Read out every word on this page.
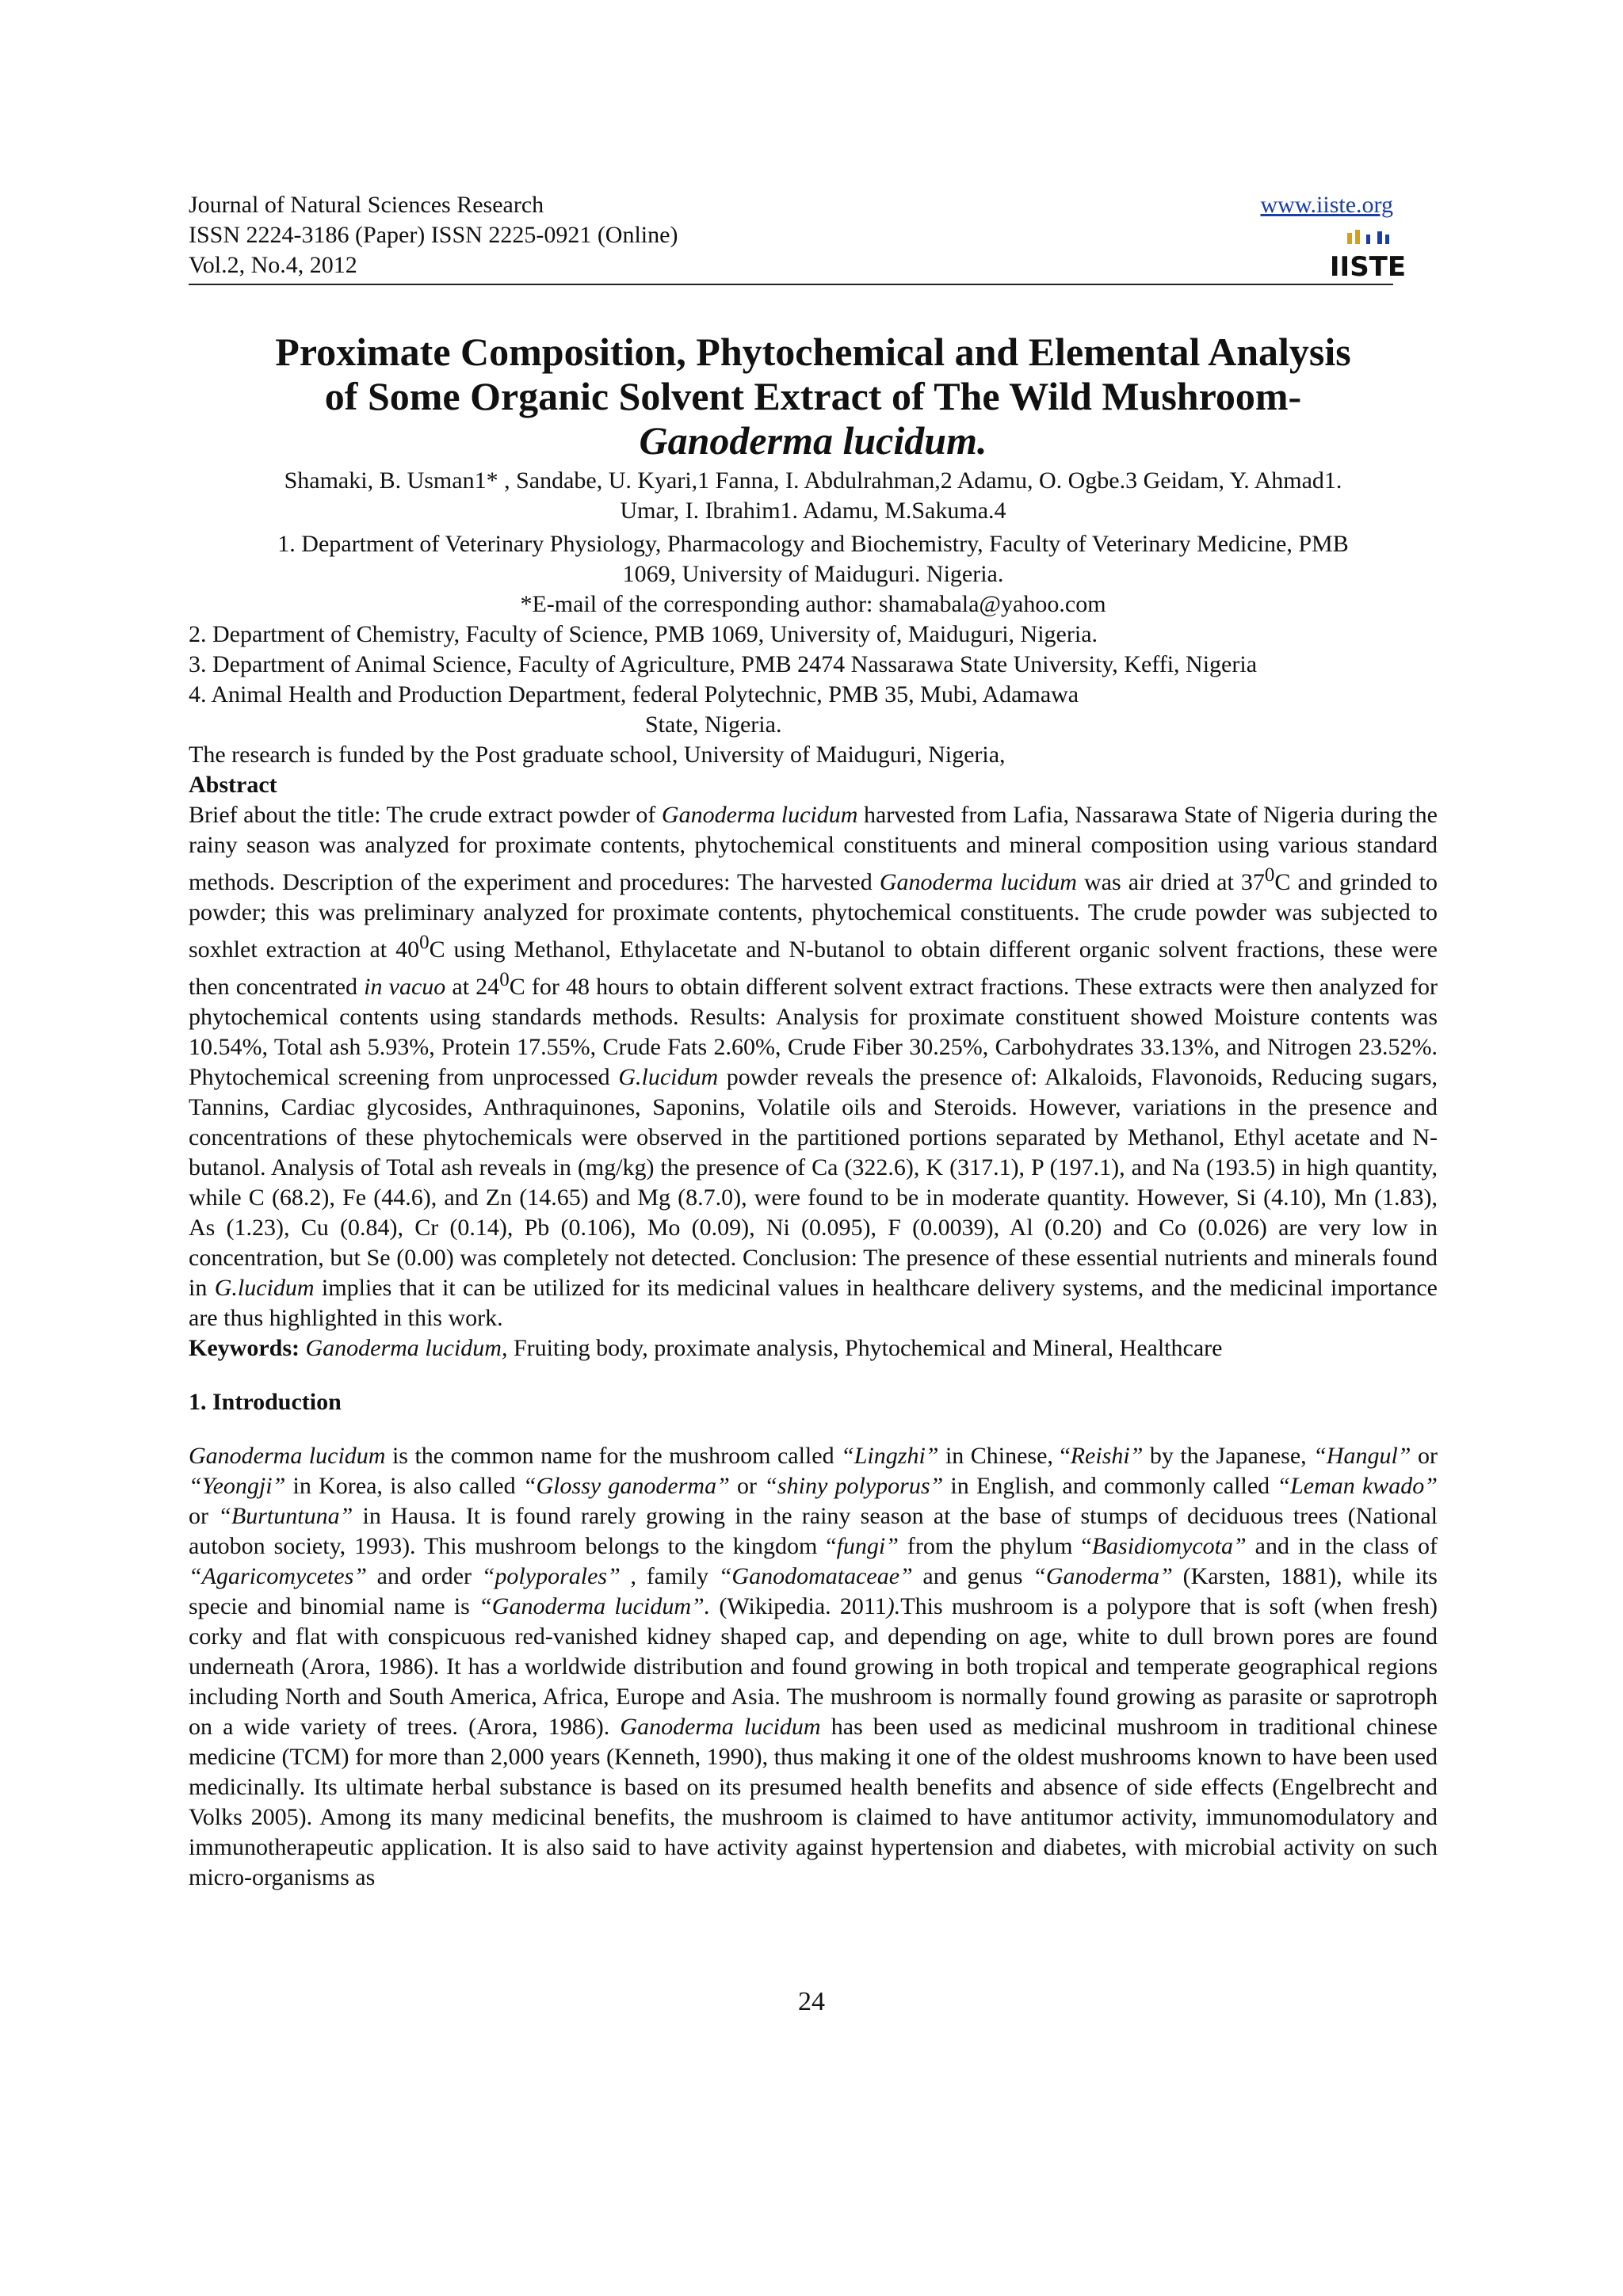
Journal of Natural Sciences Research
ISSN 2224-3186 (Paper) ISSN 2225-0921 (Online)
Vol.2, No.4, 2012
www.iiste.org
IISTE
Proximate Composition, Phytochemical and Elemental Analysis
of Some Organic Solvent Extract of The Wild Mushroom-
Ganoderma lucidum.

Shamaki, B. Usman1* , Sandabe, U. Kyari,1 Fanna, I. Abdulrahman,2 Adamu, O. Ogbe.3 Geidam, Y. Ahmad1.
Umar, I. Ibrahim1. Adamu, M.Sakuma.4

1. Department of Veterinary Physiology, Pharmacology and Biochemistry, Faculty of Veterinary Medicine, PMB
1069, University of Maiduguri. Nigeria.

*E-mail of the corresponding author: shamabala@yahoo.com

2. Department of Chemistry, Faculty of Science, PMB 1069, University of, Maiduguri, Nigeria.

3. Department of Animal Science, Faculty of Agriculture, PMB 2474 Nassarawa State University, Keffi, Nigeria

4. Animal Health and Production Department, federal Polytechnic, PMB 35, Mubi, Adamawa
State, Nigeria.

The research is funded by the Post graduate school, University of Maiduguri, Nigeria,

Abstract

Brief about the title: The crude extract powder of Ganoderma lucidum harvested from Lafia, Nassarawa State of Nigeria during the rainy season was analyzed for proximate contents, phytochemical constituents and mineral composition using various standard methods. Description of the experiment and procedures: The harvested Ganoderma lucidum was air dried at $37^0C$ and grinded to powder; this was preliminary analyzed for proximate contents, phytochemical constituents. The crude powder was subjected to soxhlet extraction at $40^0C$ using Methanol, Ethylacetate and N-butanol to obtain different organic solvent fractions, these were then concentrated in vacuo at $24^0C$ for 48 hours to obtain different solvent extract fractions. These extracts were then analyzed for phytochemical contents using standards methods. Results: Analysis for proximate constituent showed Moisture contents was 10.54%, Total ash 5.93%, Protein 17.55%, Crude Fats 2.60%, Crude Fiber 30.25%, Carbohydrates 33.13%, and Nitrogen 23.52%. Phytochemical screening from unprocessed G.lucidum powder reveals the presence of: Alkaloids, Flavonoids, Reducing sugars, Tannins, Cardiac glycosides, Anthraquinones, Saponins, Volatile oils and Steroids. However, variations in the presence and concentrations of these phytochemicals were observed in the partitioned portions separated by Methanol, Ethyl acetate and N-butanol. Analysis of Total ash reveals in (mg/kg) the presence of Ca (322.6), K (317.1), P (197.1), and Na (193.5) in high quantity, while C (68.2), Fe (44.6), and Zn (14.65) and Mg (8.7.0), were found to be in moderate quantity. However, Si (4.10), Mn (1.83), As (1.23), Cu (0.84), Cr (0.14), Pb (0.106), Mo (0.09), Ni (0.095), F (0.0039), Al (0.20) and Co (0.026) are very low in concentration, but Se (0.00) was completely not detected. Conclusion: The presence of these essential nutrients and minerals found in G.lucidum implies that it can be utilized for its medicinal values in healthcare delivery systems, and the medicinal importance are thus highlighted in this work.

Keywords: Ganoderma lucidum, Fruiting body, proximate analysis, Phytochemical and Mineral, Healthcare

1. Introduction

Ganoderma lucidum is the common name for the mushroom called “Lingzhi” in Chinese, “Reishi” by the Japanese, “Hangul” or “Yeongji” in Korea, is also called “Glossy ganoderma” or “shiny polyporus” in English, and commonly called “Leman kwado” or “Burtuntuna” in Hausa. It is found rarely growing in the rainy season at the base of stumps of deciduous trees (National autobon society, 1993). This mushroom belongs to the kingdom “fungi” from the phylum “Basidiomycota” and in the class of “Agaricomycetes” and order “polyporales” , family “Ganodomataceae” and genus “Ganoderma” (Karsten, 1881), while its specie and binomial name is “Ganoderma lucidum”. (Wikipedia. 2011).This mushroom is a polypore that is soft (when fresh) corky and flat with conspicuous red-vanished kidney shaped cap, and depending on age, white to dull brown pores are found underneath (Arora, 1986). It has a worldwide distribution and found growing in both tropical and temperate geographical regions including North and South America, Africa, Europe and Asia. The mushroom is normally found growing as parasite or saprotroph on a wide variety of trees. (Arora, 1986). Ganoderma lucidum has been used as medicinal mushroom in traditional chinese medicine (TCM) for more than 2,000 years (Kenneth, 1990), thus making it one of the oldest mushrooms known to have been used medicinally. Its ultimate herbal substance is based on its presumed health benefits and absence of side effects (Engelbrecht and Volks 2005). Among its many medicinal benefits, the mushroom is claimed to have antitumor activity, immunomodulatory and immunotherapeutic application. It is also said to have activity against hypertension and diabetes, with microbial activity on such micro-organisms as

24
